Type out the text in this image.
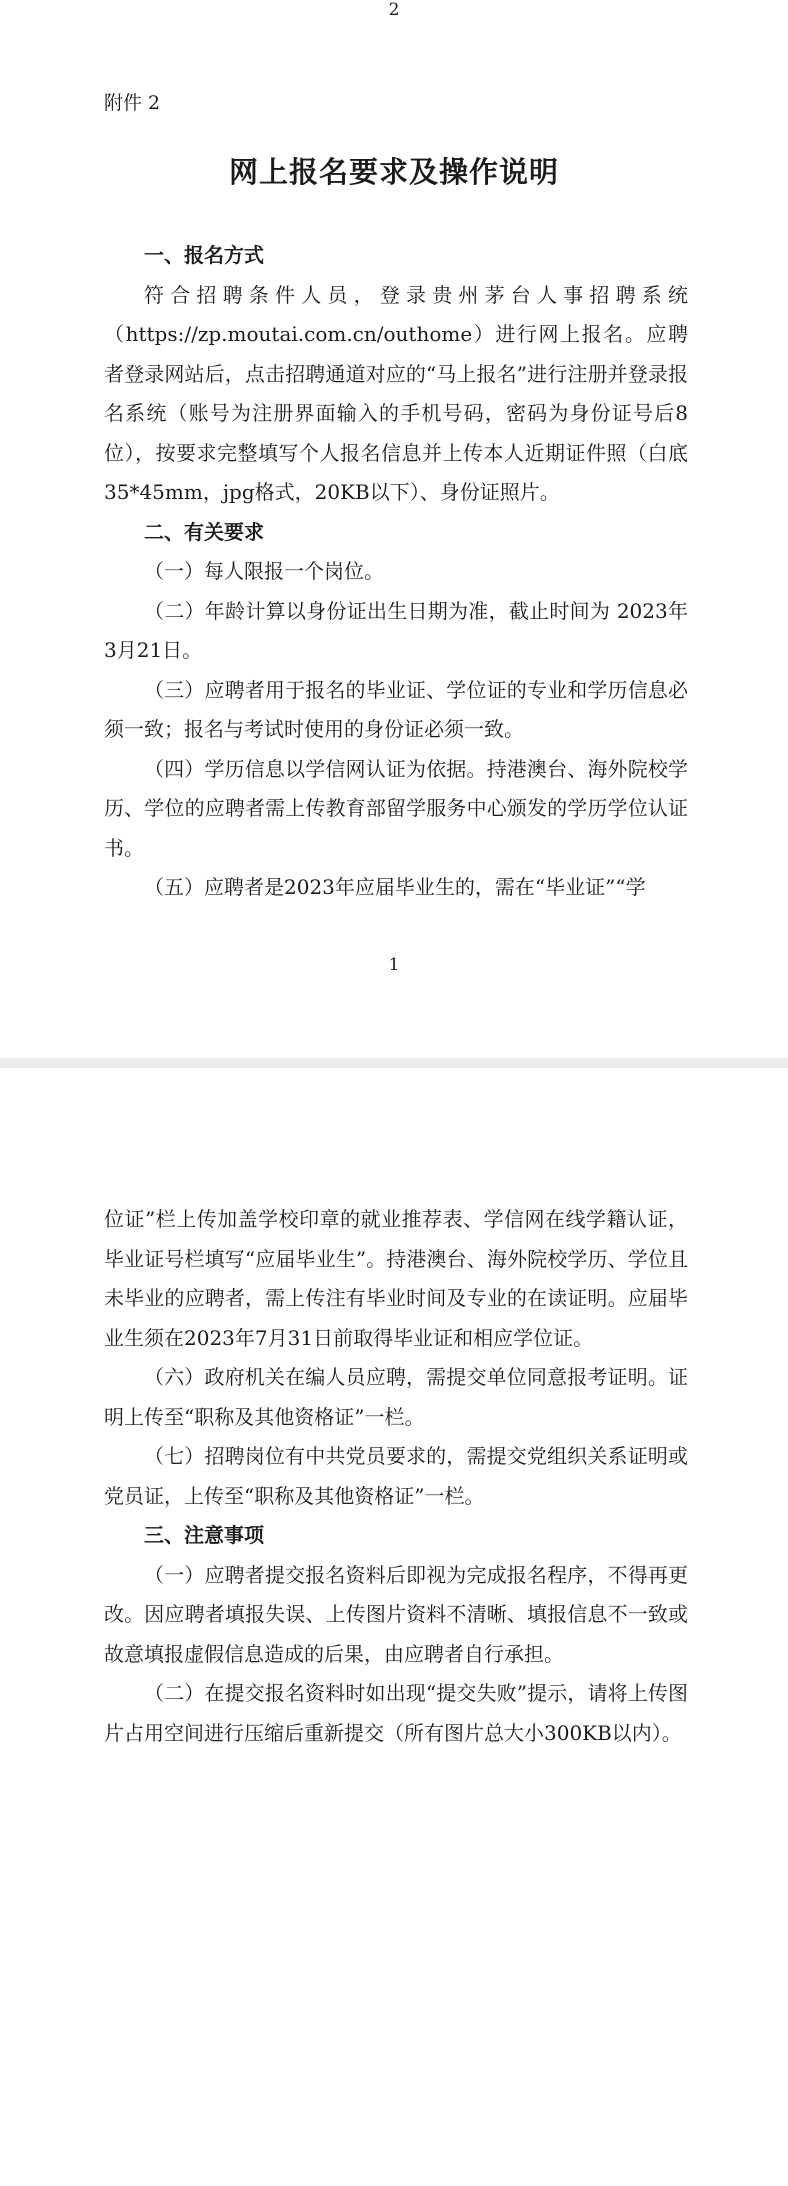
附件 2
网上报名要求及操作说明

一、报名方式

符合招聘条件人员，登录贵州茅台人事招聘系统（https://zp.moutai.com.cn/outhome）进行网上报名。应聘者登录网站后，点击招聘通道对应的“马上报名”进行注册并登录报名系统（账号为注册界面输入的手机号码，密码为身份证号后8位），按要求完整填写个人报名信息并上传本人近期证件照（白底35*45mm，jpg格式，20KB以下）、身份证照片。

二、有关要求

（一）每人限报一个岗位。

（二）年龄计算以身份证出生日期为准，截止时间为 2023年3月21日。

（三）应聘者用于报名的毕业证、学位证的专业和学历信息必须一致；报名与考试时使用的身份证必须一致。

（四）学历信息以学信网认证为依据。持港澳台、海外院校学历、学位的应聘者需上传教育部留学服务中心颁发的学历学位认证书。

（五）应聘者是2023年应届毕业生的，需在“毕业证”“学

1

位证”栏上传加盖学校印章的就业推荐表、学信网在线学籍认证，毕业证号栏填写“应届毕业生”。持港澳台、海外院校学历、学位且未毕业的应聘者，需上传注有毕业时间及专业的在读证明。应届毕业生须在2023年7月31日前取得毕业证和相应学位证。

（六）政府机关在编人员应聘，需提交单位同意报考证明。证明上传至“职称及其他资格证”一栏。

（七）招聘岗位有中共党员要求的，需提交党组织关系证明或党员证，上传至“职称及其他资格证”一栏。

三、注意事项

（一）应聘者提交报名资料后即视为完成报名程序，不得再更改。因应聘者填报失误、上传图片资料不清晰、填报信息不一致或故意填报虚假信息造成的后果，由应聘者自行承担。

（二）在提交报名资料时如出现“提交失败”提示，请将上传图片占用空间进行压缩后重新提交（所有图片总大小300KB以内）。

2
